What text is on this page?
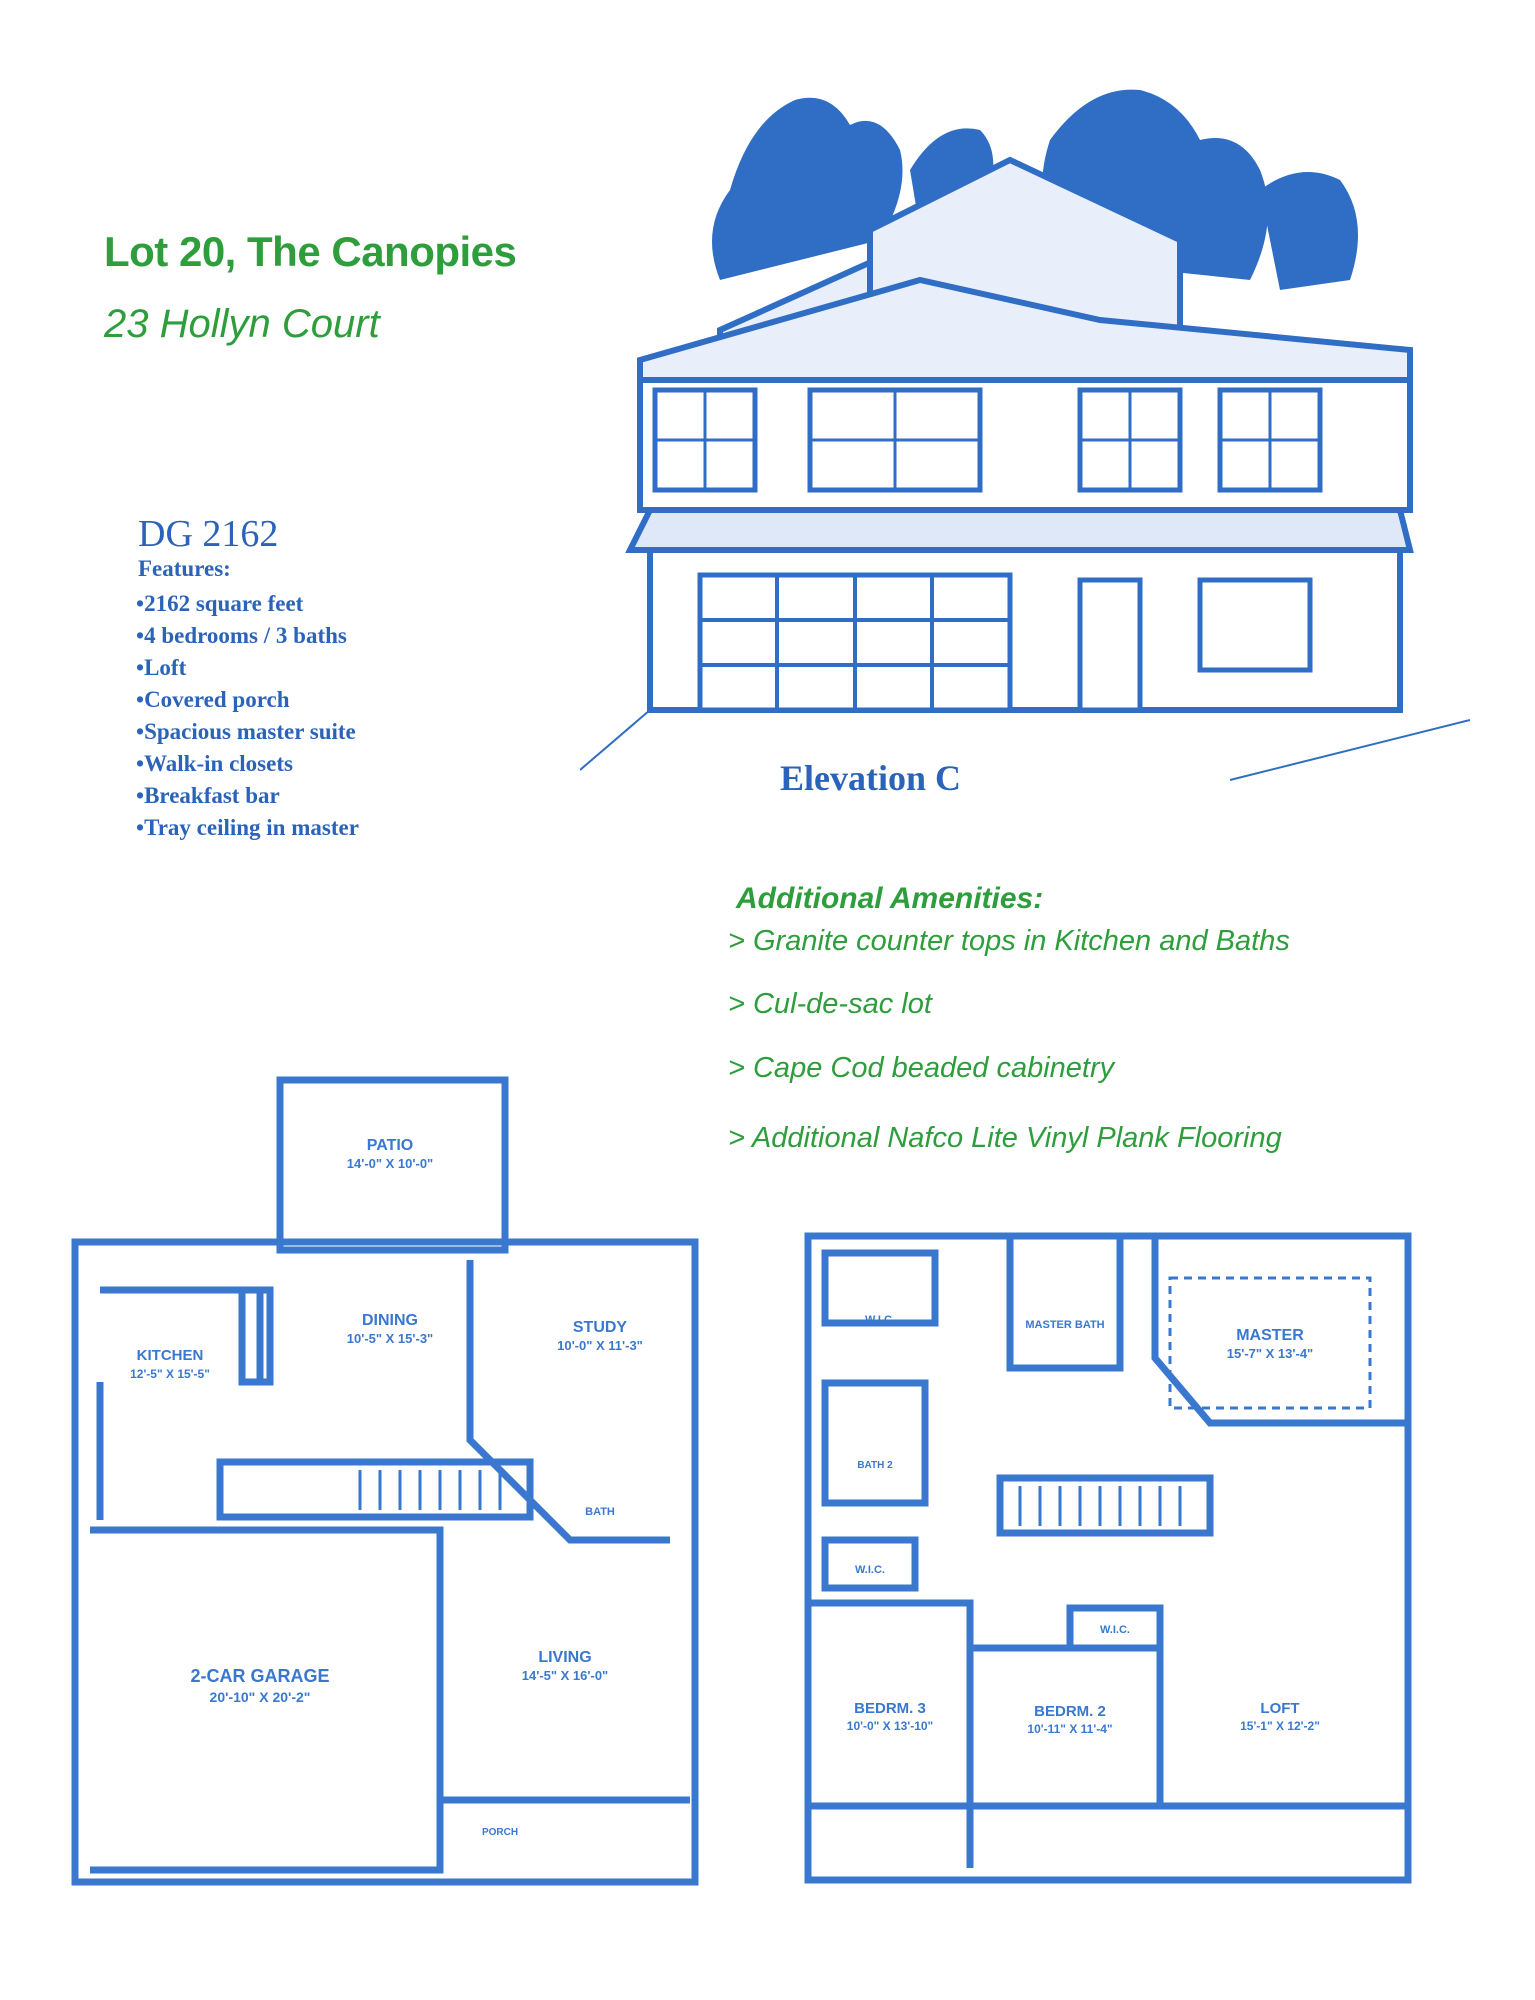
Lot 20, The Canopies
23 Hollyn Court
DG 2162
Features:
• 2162 square feet
• 4 bedrooms / 3 baths
• Loft
• Covered porch
• Spacious master suite
• Walk-in closets
• Breakfast bar
• Tray ceiling in master
Elevation C
Additional Amenities:
> Granite counter tops in Kitchen and Baths
> Cul-de-sac lot
> Cape Cod beaded cabinetry
> Additional Nafco Lite Vinyl Plank Flooring
PATIO
14'-0" X 10'-0"
DINING
10'-5" X 15'-3"
STUDY
10'-0" X 11'-3"
KITCHEN
12'-5" X 15'-5"
BATH
2-CAR GARAGE
20'-10" X 20'-2"
LIVING
14'-5" X 16'-0"
PORCH
W.I.C.	MASTER BATH
MASTER
15'-7" X 13'-4"
BATH 2
W.I.C.
W.I.C.
BEDRM. 3
10'-0" X 13'-10"
BEDRM. 2
10'-11" X 11'-4"
LOFT
15'-1" X 12'-2"
